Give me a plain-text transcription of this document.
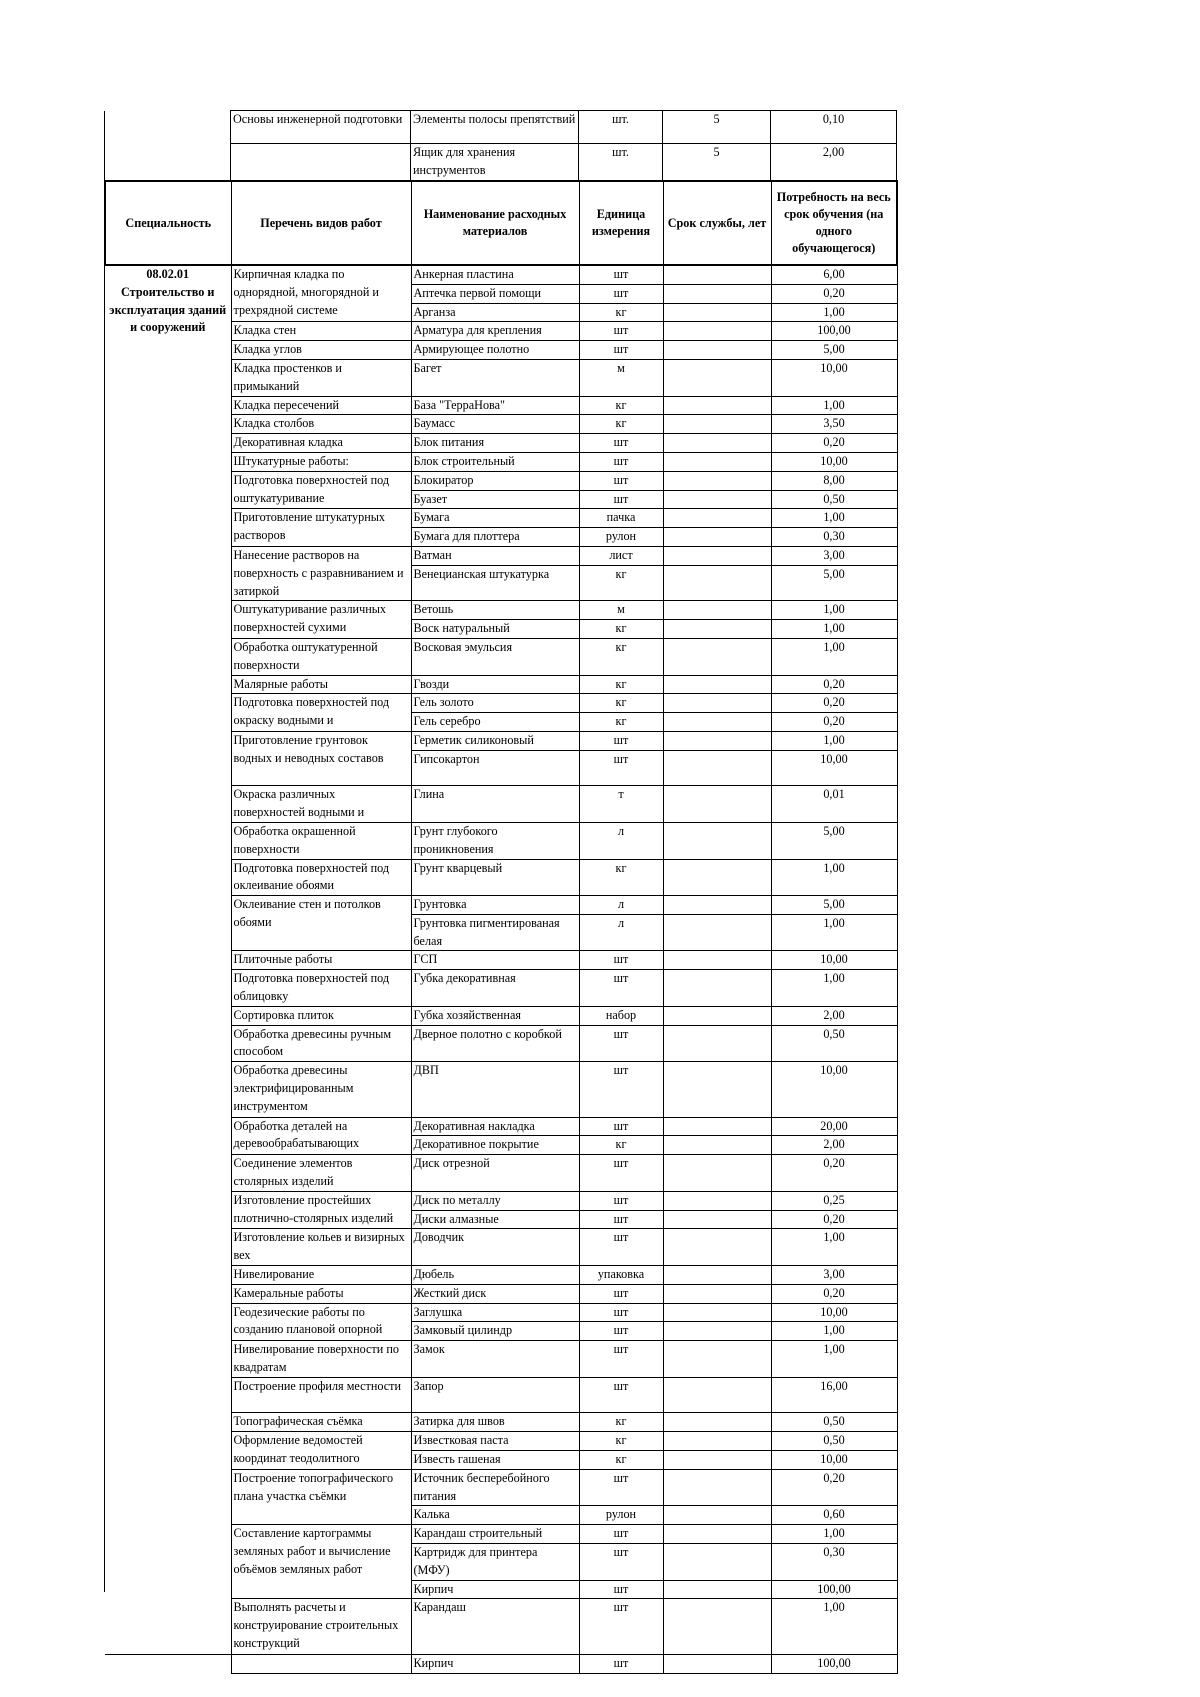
Основы инженерной подготовки	Элементы полосы препятствий	шт.	5	0,10
	Ящик для хранения инструментов	шт.	5	2,00
Специальность	Перечень видов работ	Наименование расходных материалов	Единица измерения	Срок службы, лет	Потребность на весь срок обучения (на одного обучающегося)

08.02.01
Строительство и эксплуатация зданий и сооружений	Кирпичная кладка по однорядной, многорядной и трехрядной системе	Анкерная пластина	шт		6,00
		Аптечка первой помощи	шт		0,20
		Арганза	кг		1,00
	Кладка стен	Арматура для крепления	шт		100,00
	Кладка углов	Армирующее полотно	шт		5,00
	Кладка простенков и примыканий	Багет	м		10,00
	Кладка пересечений	База "ТерраНова"	кг		1,00
	Кладка столбов	Баумасс	кг		3,50
	Декоративная кладка	Блок питания	шт		0,20
	Штукатурные работы:	Блок строительный	шт		10,00
	Подготовка поверхностей под оштукатуривание	Блокиратор	шт		8,00
		Буазет	шт		0,50
	Приготовление штукатурных растворов	Бумага	пачка		1,00
		Бумага для плоттера	рулон		0,30
	Нанесение растворов на поверхность с разравниванием и затиркой	Ватман	лист		3,00
		Венецианская штукатурка	кг		5,00
	Оштукатуривание различных поверхностей сухими	Ветошь	м		1,00
		Воск натуральный	кг		1,00
	Обработка оштукатуренной поверхности	Восковая эмульсия	кг		1,00
	Малярные работы	Гвозди	кг		0,20
	Подготовка поверхностей под окраску водными и	Гель золото	кг		0,20
		Гель серебро	кг		0,20
	Приготовление грунтовок водных и неводных составов	Герметик силиконовый	шт		1,00
		Гипсокартон	шт		10,00
	Окраска различных поверхностей водными и	Глина	т		0,01
	Обработка окрашенной поверхности	Грунт глубокого проникновения	л		5,00
	Подготовка поверхностей под оклеивание обоями	Грунт кварцевый	кг		1,00
	Оклеивание стен и потолков обоями	Грунтовка	л		5,00
		Грунтовка пигментированая белая	л		1,00
	Плиточные работы	ГСП	шт		10,00
	Подготовка поверхностей под облицовку	Губка декоративная	шт		1,00
	Сортировка плиток	Губка хозяйственная	набор		2,00
	Обработка древесины ручным способом	Дверное полотно с коробкой	шт		0,50
	Обработка древесины электрифицированным инструментом	ДВП	шт		10,00
	Обработка деталей на деревообрабатывающих	Декоративная накладка	шт		20,00
		Декоративное покрытие	кг		2,00
	Соединение элементов столярных изделий	Диск отрезной	шт		0,20
	Изготовление простейших плотнично-столярных изделий	Диск по металлу	шт		0,25
		Диски алмазные	шт		0,20
	Изготовление кольев и визирных вех	Доводчик	шт		1,00
	Нивелирование	Дюбель	упаковка		3,00
	Камеральные работы	Жесткий диск	шт		0,20
	Геодезические работы по созданию плановой опорной	Заглушка	шт		10,00
		Замковый цилиндр	шт		1,00
	Нивелирование поверхности по квадратам	Замок	шт		1,00
	Построение профиля местности	Запор	шт		16,00
	Топографическая съёмка	Затирка для швов	кг		0,50
	Оформление ведомостей координат теодолитного	Известковая паста	кг		0,50
		Известь гашеная	кг		10,00
	Построение топографического плана участка съёмки	Источник бесперебойного питания	шт		0,20
		Калька	рулон		0,60
	Составление картограммы земляных работ и вычисление объёмов земляных работ	Карандаш строительный	шт		1,00
		Картридж для принтера (МФУ)	шт		0,30
		Кирпич	шт		100,00
	Выполнять расчеты и конструирование строительных конструкций	Карандаш	шт		1,00
		Кирпич	шт		100,00
